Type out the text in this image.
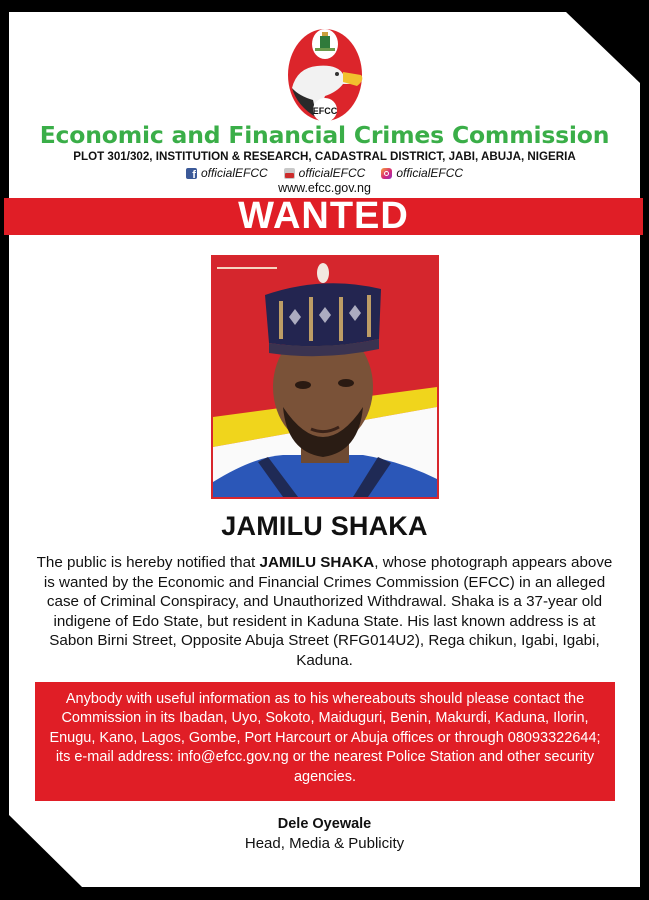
EFCC
Economic and Financial Crimes Commission
PLOT 301/302, INSTITUTION & RESEARCH, CADASTRAL DISTRICT, JABI, ABUJA, NIGERIA
f
officialEFCC	officialEFCC	officialEFCC
www.efcc.gov.ng
WANTED
JAMILU SHAKA
The public is hereby notified that JAMILU SHAKA, whose photograph appears above is wanted by the Economic and Financial Crimes Commission (EFCC) in an alleged case of Criminal Conspiracy, and Unauthorized Withdrawal. Shaka is a 37-year old indigene of Edo State, but resident in Kaduna State. His last known address is at Sabon Birni Street, Opposite Abuja Street (RFG014U2), Rega chikun, Igabi, Igabi, Kaduna.
Anybody with useful information as to his whereabouts should please contact the Commission in its Ibadan, Uyo, Sokoto, Maiduguri, Benin, Makurdi, Kaduna, Ilorin, Enugu, Kano, Lagos, Gombe, Port Harcourt or Abuja offices or through 08093322644; its e-mail address: info@efcc.gov.ng or the nearest Police Station and other security agencies.
Dele Oyewale
Head, Media & Publicity
